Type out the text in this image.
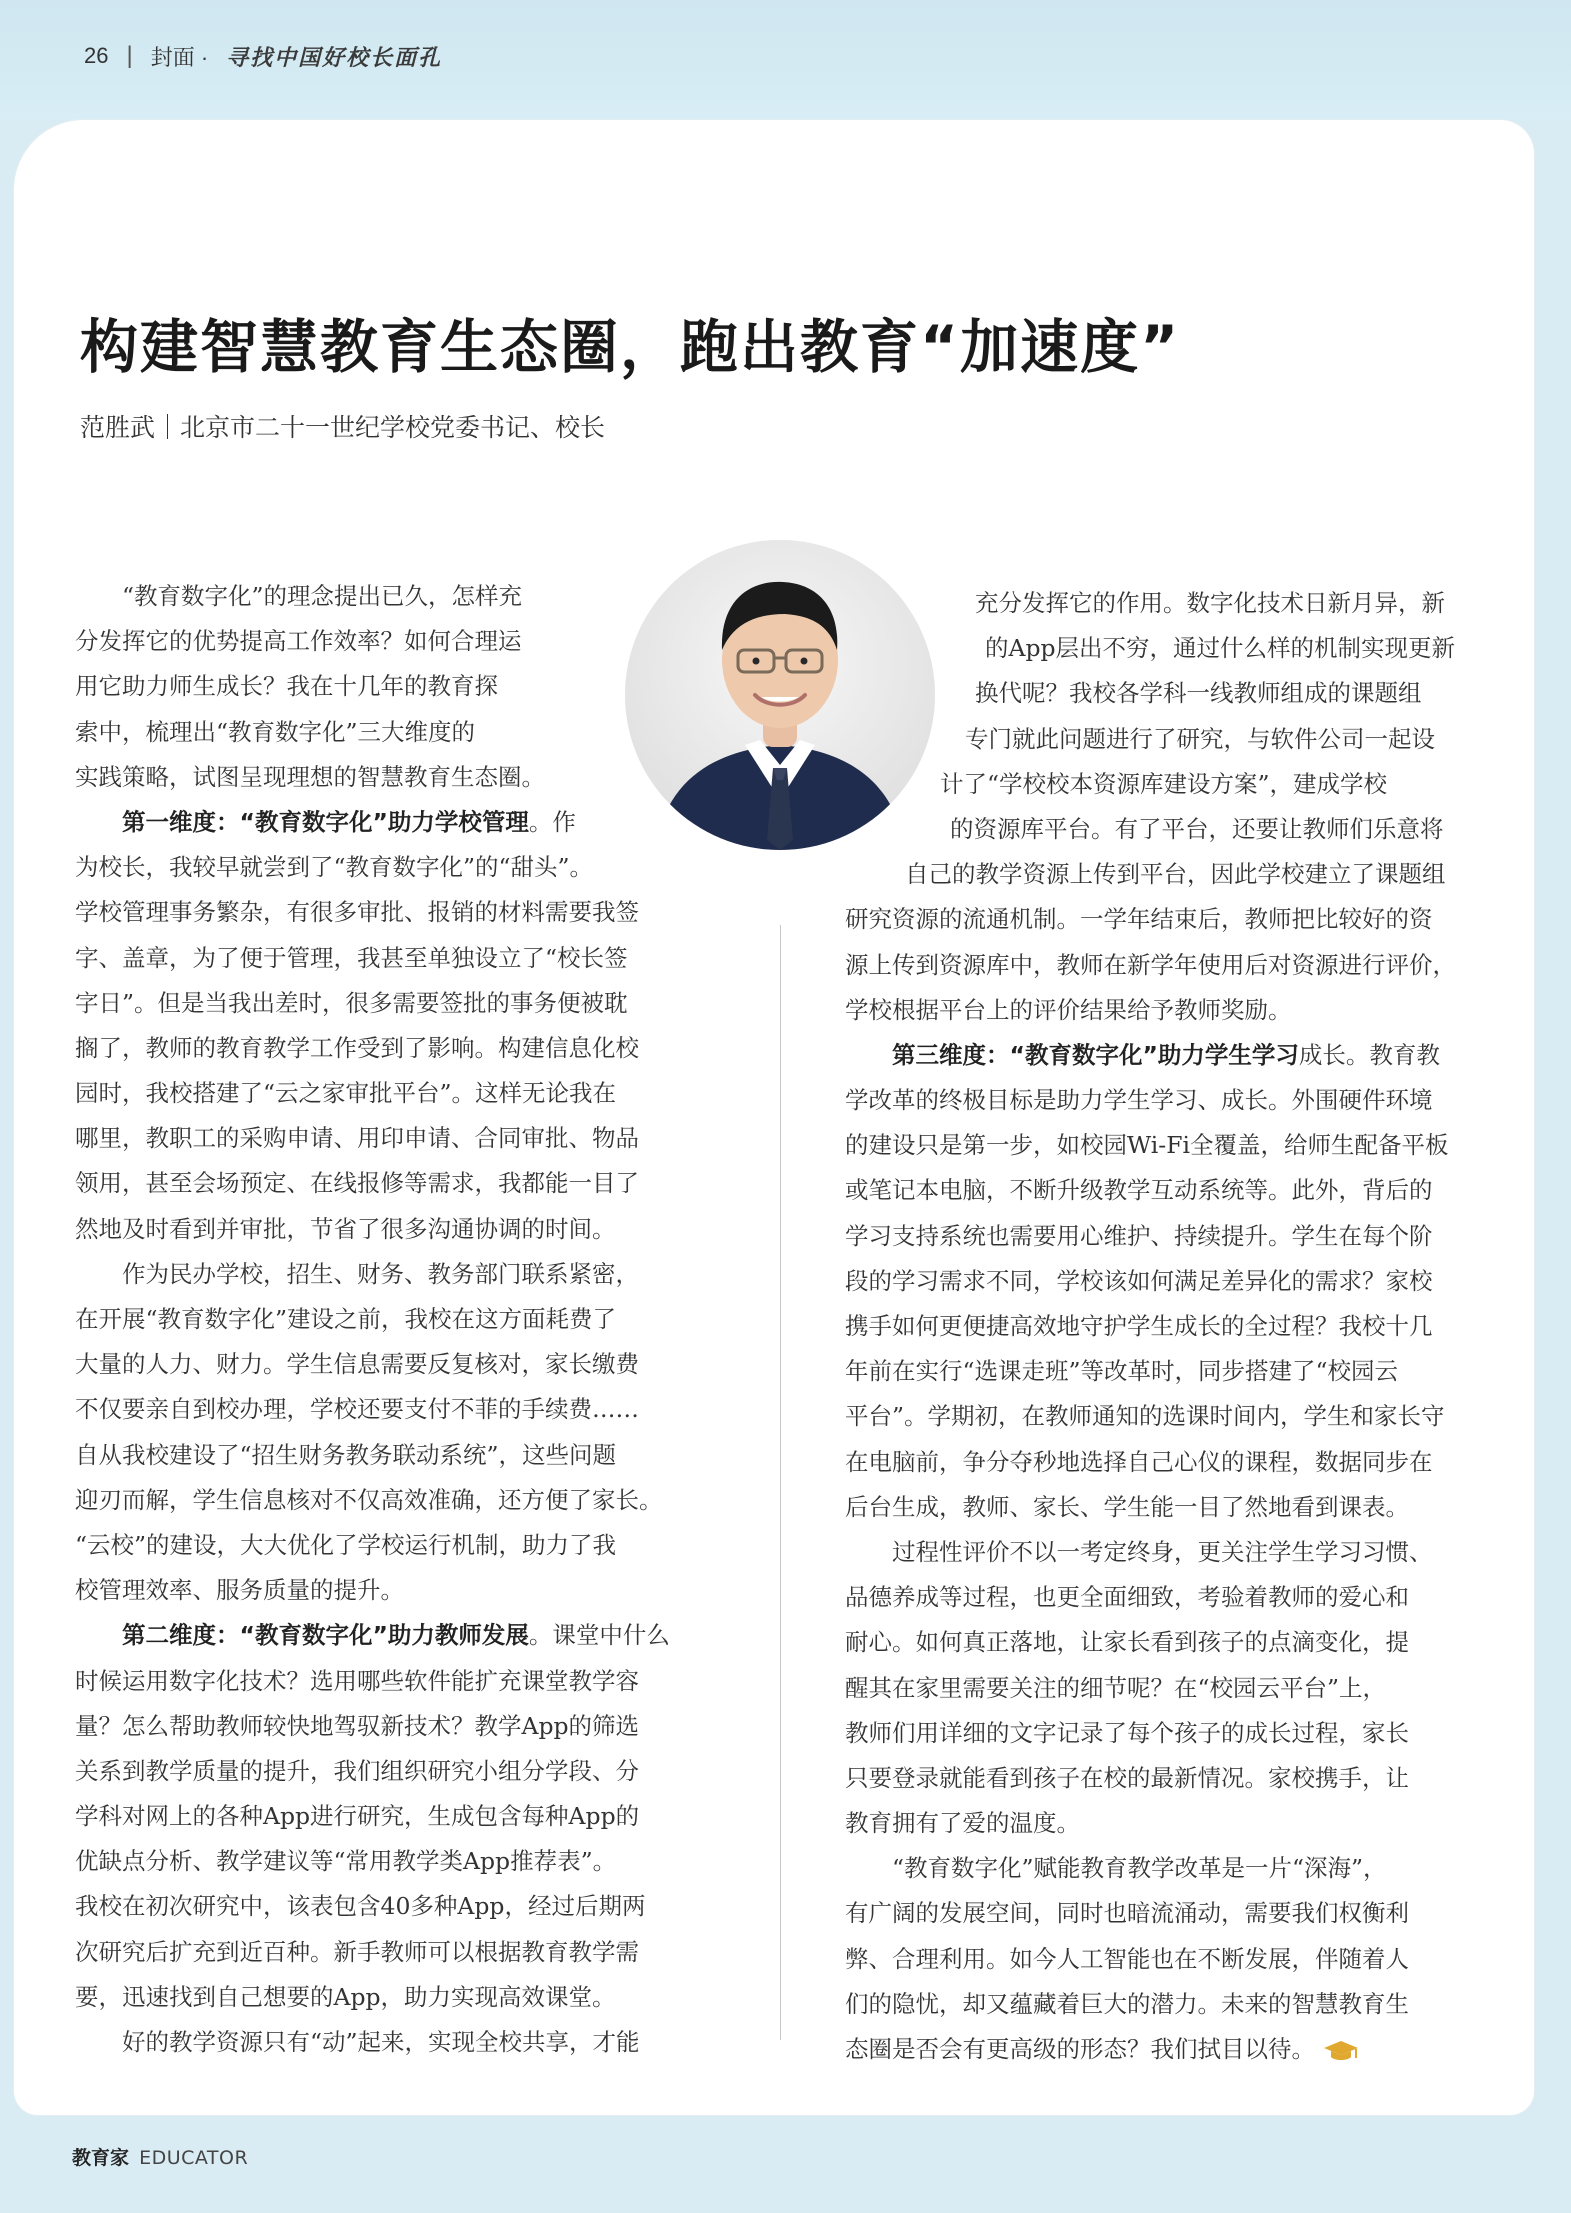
26 | 封面 · 寻找中国好校长面孔
构建智慧教育生态圈，跑出教育“加速度”
范胜武｜北京市二十一世纪学校党委书记、校长
　　“教育数字化”的理念提出已久，怎样充
分发挥它的优势提高工作效率？如何合理运
用它助力师生成长？我在十几年的教育探
索中，梳理出“教育数字化”三大维度的
实践策略，试图呈现理想的智慧教育生态圈。
　　第一维度：“教育数字化”助力学校管理。作
为校长，我较早就尝到了“教育数字化”的“甜头”。
学校管理事务繁杂，有很多审批、报销的材料需要我签
字、盖章，为了便于管理，我甚至单独设立了“校长签
字日”。但是当我出差时，很多需要签批的事务便被耽
搁了，教师的教育教学工作受到了影响。构建信息化校
园时，我校搭建了“云之家审批平台”。这样无论我在
哪里，教职工的采购申请、用印申请、合同审批、物品
领用，甚至会场预定、在线报修等需求，我都能一目了
然地及时看到并审批，节省了很多沟通协调的时间。
　　作为民办学校，招生、财务、教务部门联系紧密，
在开展“教育数字化”建设之前，我校在这方面耗费了
大量的人力、财力。学生信息需要反复核对，家长缴费
不仅要亲自到校办理，学校还要支付不菲的手续费……
自从我校建设了“招生财务教务联动系统”，这些问题
迎刃而解，学生信息核对不仅高效准确，还方便了家长。
“云校”的建设，大大优化了学校运行机制，助力了我
校管理效率、服务质量的提升。
　　第二维度：“教育数字化”助力教师发展。课堂中什么
时候运用数字化技术？选用哪些软件能扩充课堂教学容
量？怎么帮助教师较快地驾驭新技术？教学App的筛选
关系到教学质量的提升，我们组织研究小组分学段、分
学科对网上的各种App进行研究，生成包含每种App的
优缺点分析、教学建议等“常用教学类App推荐表”。
我校在初次研究中，该表包含40多种App，经过后期两
次研究后扩充到近百种。新手教师可以根据教育教学需
要，迅速找到自己想要的App，助力实现高效课堂。
　　好的教学资源只有“动”起来，实现全校共享，才能
充分发挥它的作用。数字化技术日新月异，新
的App层出不穷，通过什么样的机制实现更新
换代呢？我校各学科一线教师组成的课题组
专门就此问题进行了研究，与软件公司一起设
计了“学校校本资源库建设方案”，建成学校
的资源库平台。有了平台，还要让教师们乐意将
自己的教学资源上传到平台，因此学校建立了课题组
研究资源的流通机制。一学年结束后，教师把比较好的资
源上传到资源库中，教师在新学年使用后对资源进行评价，
学校根据平台上的评价结果给予教师奖励。
　　第三维度：“教育数字化”助力学生学习成长。教育教
学改革的终极目标是助力学生学习、成长。外围硬件环境
的建设只是第一步，如校园Wi-Fi全覆盖，给师生配备平板
或笔记本电脑，不断升级教学互动系统等。此外，背后的
学习支持系统也需要用心维护、持续提升。学生在每个阶
段的学习需求不同，学校该如何满足差异化的需求？家校
携手如何更便捷高效地守护学生成长的全过程？我校十几
年前在实行“选课走班”等改革时，同步搭建了“校园云
平台”。学期初，在教师通知的选课时间内，学生和家长守
在电脑前，争分夺秒地选择自己心仪的课程，数据同步在
后台生成，教师、家长、学生能一目了然地看到课表。
　　过程性评价不以一考定终身，更关注学生学习习惯、
品德养成等过程，也更全面细致，考验着教师的爱心和
耐心。如何真正落地，让家长看到孩子的点滴变化，提
醒其在家里需要关注的细节呢？在“校园云平台”上，
教师们用详细的文字记录了每个孩子的成长过程，家长
只要登录就能看到孩子在校的最新情况。家校携手，让
教育拥有了爱的温度。
　　“教育数字化”赋能教育教学改革是一片“深海”，
有广阔的发展空间，同时也暗流涌动，需要我们权衡利
弊、合理利用。如今人工智能也在不断发展，伴随着人
们的隐忧，却又蕴藏着巨大的潜力。未来的智慧教育生
态圈是否会有更高级的形态？我们拭目以待。
教育家 EDUCATOR
